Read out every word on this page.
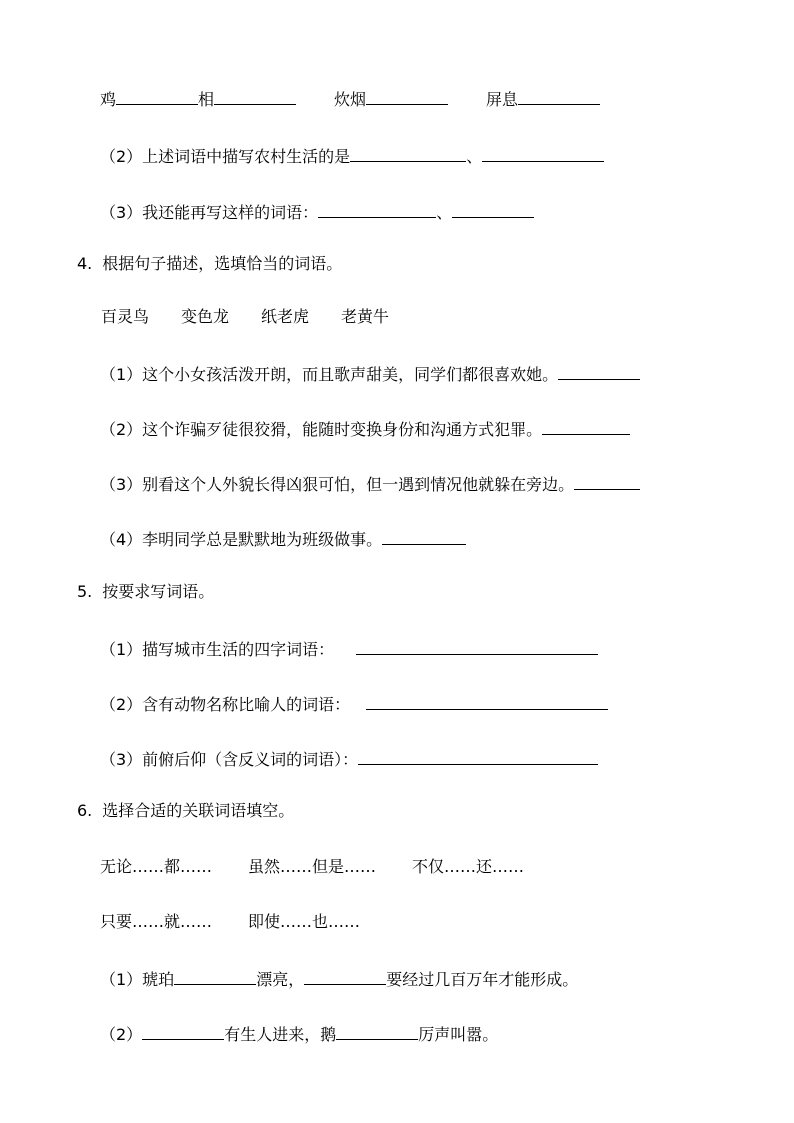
鸡	相	炊烟	屏息
（2）上述词语中描写农村生活的是	、
（3）我还能再写这样的词语：	、
4. 根据句子描述，选填恰当的词语。
百灵鸟 变色龙 纸老虎 老黄牛
（1）这个小女孩活泼开朗，而且歌声甜美，同学们都很喜欢她。
（2）这个诈骗歹徒很狡猾，能随时变换身份和沟通方式犯罪。
（3）别看这个人外貌长得凶狠可怕，但一遇到情况他就躲在旁边。
（4）李明同学总是默默地为班级做事。
5. 按要求写词语。
（1）描写城市生活的四字词语：
（2）含有动物名称比喻人的词语：
（3）前俯后仰（含反义词的词语）：
6. 选择合适的关联词语填空。
无论……都…… 虽然……但是…… 不仅……还……
只要……就…… 即使……也……
（1）琥珀	漂亮，	要经过几百万年才能形成。
（2）	有生人进来，鹅	厉声叫嚣。
